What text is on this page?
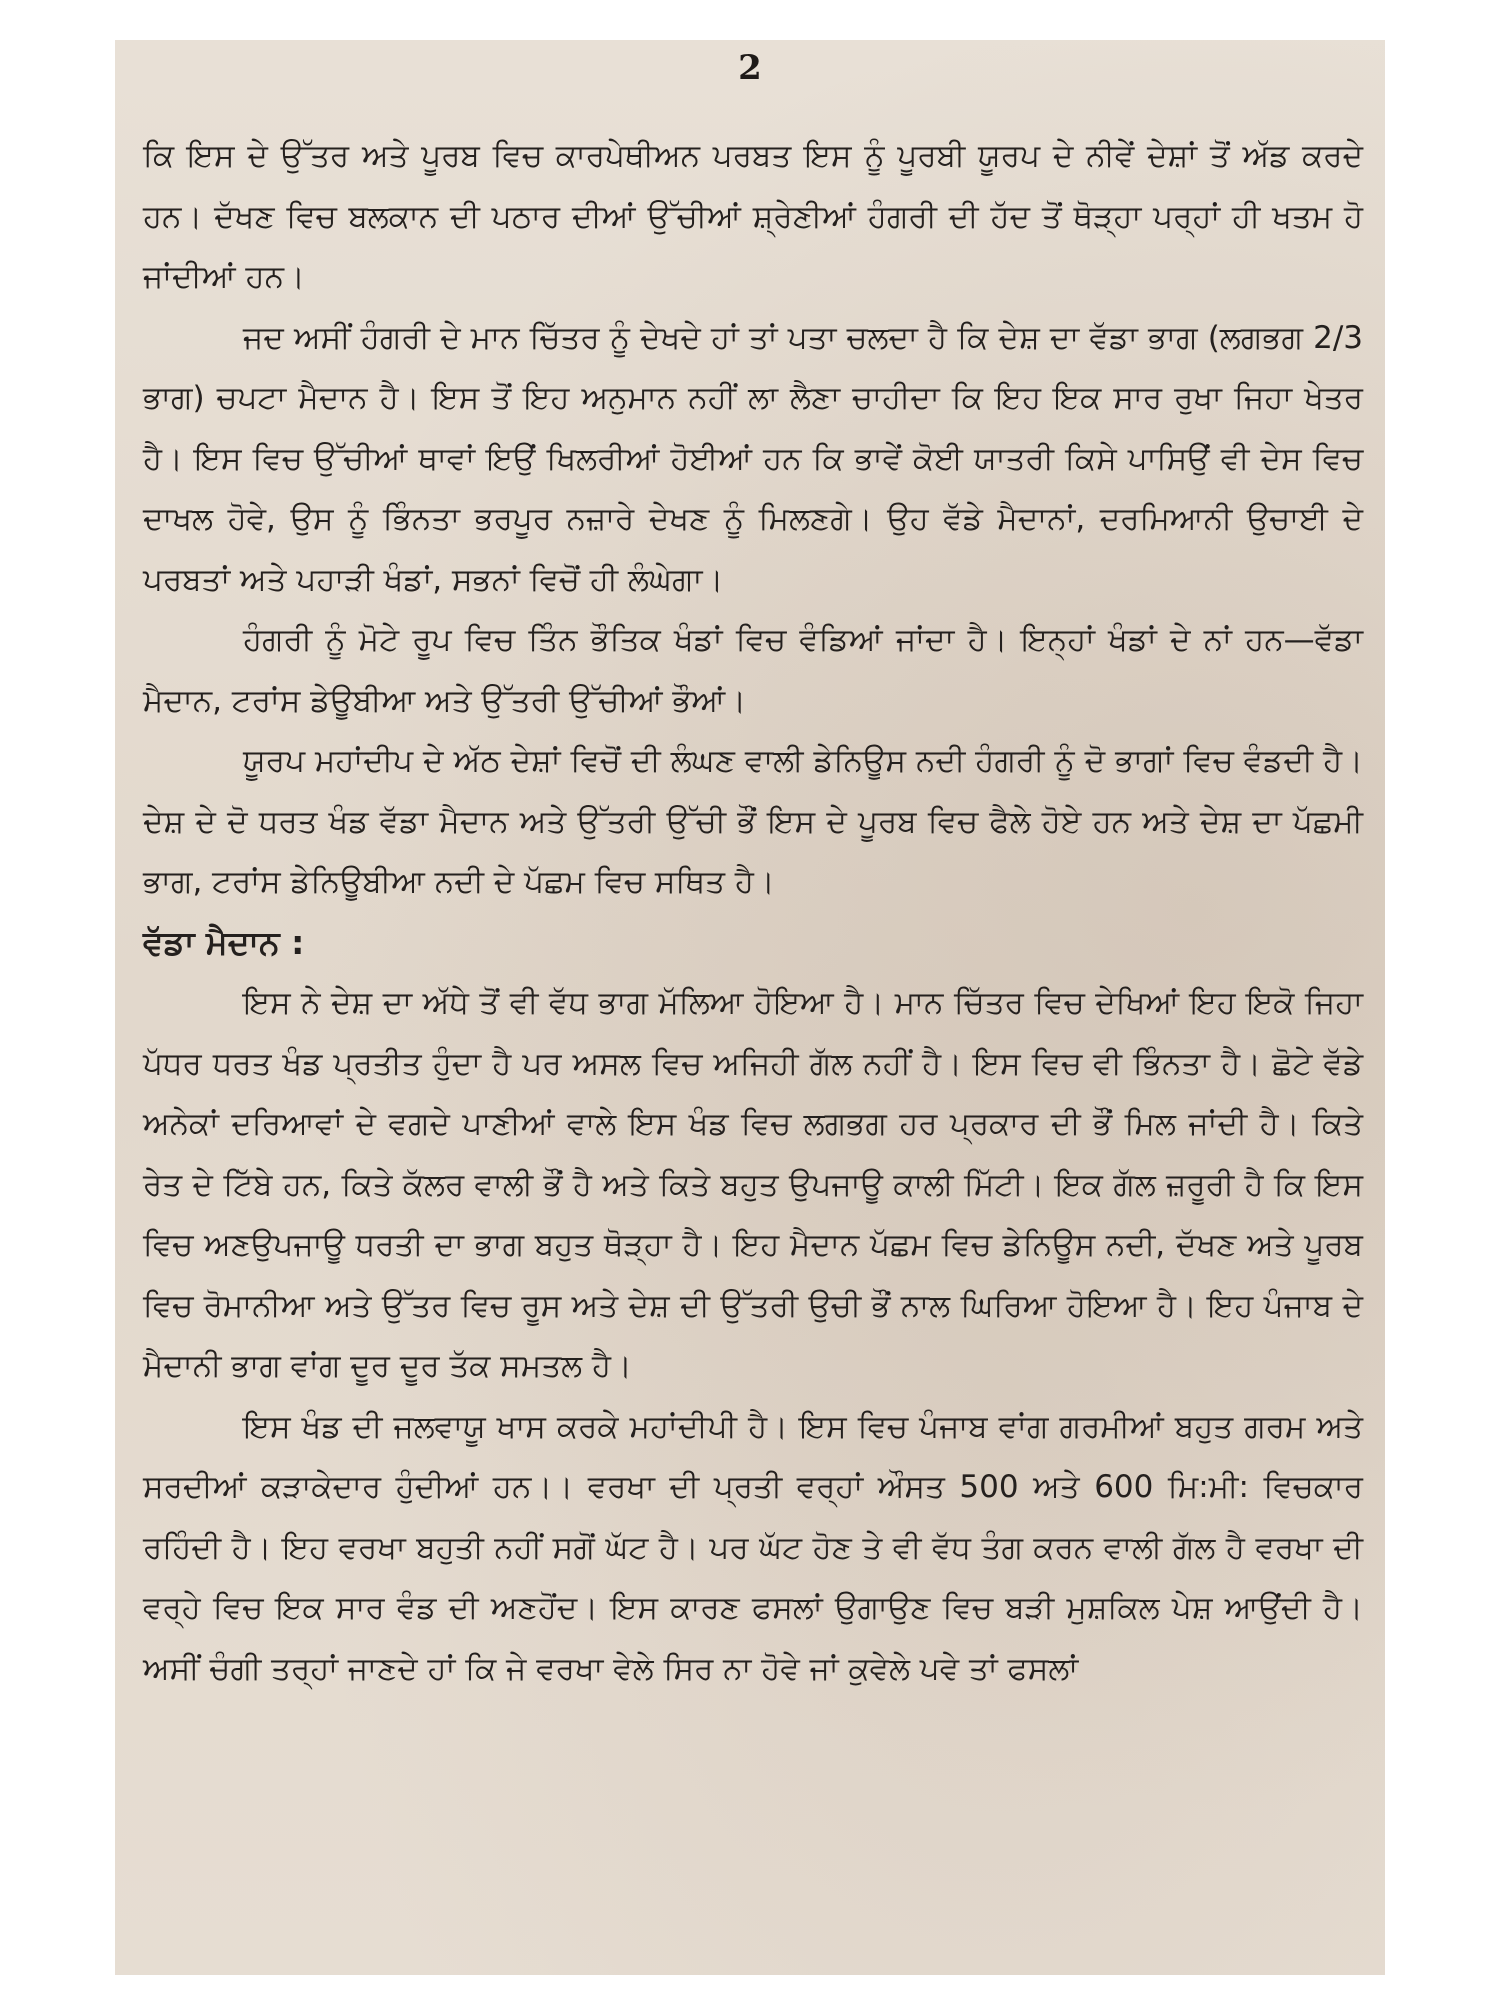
2

ਕਿ ਇਸ ਦੇ ਉੱਤਰ ਅਤੇ ਪੂਰਬ ਵਿਚ ਕਾਰਪੇਥੀਅਨ ਪਰਬਤ ਇਸ ਨੂੰ ਪੂਰਬੀ ਯੂਰਪ ਦੇ ਨੀਵੇਂ ਦੇਸ਼ਾਂ ਤੋਂ ਅੱਡ ਕਰਦੇ ਹਨ। ਦੱਖਣ ਵਿਚ ਬਲਕਾਨ ਦੀ ਪਠਾਰ ਦੀਆਂ ਉੱਚੀਆਂ ਸ਼੍ਰੇਣੀਆਂ ਹੰਗਰੀ ਦੀ ਹੱਦ ਤੋਂ ਥੋੜ੍ਹਾ ਪਰ੍ਹਾਂ ਹੀ ਖਤਮ ਹੋ ਜਾਂਦੀਆਂ ਹਨ।

ਜਦ ਅਸੀਂ ਹੰਗਰੀ ਦੇ ਮਾਨ ਚਿੱਤਰ ਨੂੰ ਦੇਖਦੇ ਹਾਂ ਤਾਂ ਪਤਾ ਚਲਦਾ ਹੈ ਕਿ ਦੇਸ਼ ਦਾ ਵੱਡਾ ਭਾਗ (ਲਗਭਗ 2/3 ਭਾਗ) ਚਪਟਾ ਮੈਦਾਨ ਹੈ। ਇਸ ਤੋਂ ਇਹ ਅਨੁਮਾਨ ਨਹੀਂ ਲਾ ਲੈਣਾ ਚਾਹੀਦਾ ਕਿ ਇਹ ਇਕ ਸਾਰ ਰੁਖਾ ਜਿਹਾ ਖੇਤਰ ਹੈ। ਇਸ ਵਿਚ ਉੱਚੀਆਂ ਥਾਵਾਂ ਇਉਂ ਖਿਲਰੀਆਂ ਹੋਈਆਂ ਹਨ ਕਿ ਭਾਵੇਂ ਕੋਈ ਯਾਤਰੀ ਕਿਸੇ ਪਾਸਿਉਂ ਵੀ ਦੇਸ ਵਿਚ ਦਾਖਲ ਹੋਵੇ, ਉਸ ਨੂੰ ਭਿੰਨਤਾ ਭਰਪੂਰ ਨਜ਼ਾਰੇ ਦੇਖਣ ਨੂੰ ਮਿਲਣਗੇ। ਉਹ ਵੱਡੇ ਮੈਦਾਨਾਂ, ਦਰਮਿਆਨੀ ਉਚਾਈ ਦੇ ਪਰਬਤਾਂ ਅਤੇ ਪਹਾੜੀ ਖੰਡਾਂ, ਸਭਨਾਂ ਵਿਚੋਂ ਹੀ ਲੰਘੇਗਾ।

ਹੰਗਰੀ ਨੂੰ ਮੋਟੇ ਰੂਪ ਵਿਚ ਤਿੰਨ ਭੌਤਿਕ ਖੰਡਾਂ ਵਿਚ ਵੰਡਿਆਂ ਜਾਂਦਾ ਹੈ। ਇਨ੍ਹਾਂ ਖੰਡਾਂ ਦੇ ਨਾਂ ਹਨ—ਵੱਡਾ ਮੈਦਾਨ, ਟਰਾਂਸ ਡੇਊਬੀਆ ਅਤੇ ਉੱਤਰੀ ਉੱਚੀਆਂ ਭੌਆਂ।

ਯੂਰਪ ਮਹਾਂਦੀਪ ਦੇ ਅੱਠ ਦੇਸ਼ਾਂ ਵਿਚੋਂ ਦੀ ਲੰਘਣ ਵਾਲੀ ਡੇਨਿਊਸ ਨਦੀ ਹੰਗਰੀ ਨੂੰ ਦੋ ਭਾਗਾਂ ਵਿਚ ਵੰਡਦੀ ਹੈ। ਦੇਸ਼ ਦੇ ਦੋ ਧਰਤ ਖੰਡ ਵੱਡਾ ਮੈਦਾਨ ਅਤੇ ਉੱਤਰੀ ਉੱਚੀ ਭੌਂ ਇਸ ਦੇ ਪੂਰਬ ਵਿਚ ਫੈਲੇ ਹੋਏ ਹਨ ਅਤੇ ਦੇਸ਼ ਦਾ ਪੱਛਮੀ ਭਾਗ, ਟਰਾਂਸ ਡੇਨਿਊਬੀਆ ਨਦੀ ਦੇ ਪੱਛਮ ਵਿਚ ਸਥਿਤ ਹੈ।

ਵੱਡਾ ਮੈਦਾਨ :

ਇਸ ਨੇ ਦੇਸ਼ ਦਾ ਅੱਧੇ ਤੋਂ ਵੀ ਵੱਧ ਭਾਗ ਮੱਲਿਆ ਹੋਇਆ ਹੈ। ਮਾਨ ਚਿੱਤਰ ਵਿਚ ਦੇਖਿਆਂ ਇਹ ਇਕੋ ਜਿਹਾ ਪੱਧਰ ਧਰਤ ਖੰਡ ਪ੍ਰਤੀਤ ਹੁੰਦਾ ਹੈ ਪਰ ਅਸਲ ਵਿਚ ਅਜਿਹੀ ਗੱਲ ਨਹੀਂ ਹੈ। ਇਸ ਵਿਚ ਵੀ ਭਿੰਨਤਾ ਹੈ। ਛੋਟੇ ਵੱਡੇ ਅਨੇਕਾਂ ਦਰਿਆਵਾਂ ਦੇ ਵਗਦੇ ਪਾਣੀਆਂ ਵਾਲੇ ਇਸ ਖੰਡ ਵਿਚ ਲਗਭਗ ਹਰ ਪ੍ਰਕਾਰ ਦੀ ਭੌਂ ਮਿਲ ਜਾਂਦੀ ਹੈ। ਕਿਤੇ ਰੇਤ ਦੇ ਟਿੱਬੇ ਹਨ, ਕਿਤੇ ਕੱਲਰ ਵਾਲੀ ਭੌਂ ਹੈ ਅਤੇ ਕਿਤੇ ਬਹੁਤ ਉਪਜਾਊ ਕਾਲੀ ਮਿੱਟੀ। ਇਕ ਗੱਲ ਜ਼ਰੂਰੀ ਹੈ ਕਿ ਇਸ ਵਿਚ ਅਣਉਪਜਾਊ ਧਰਤੀ ਦਾ ਭਾਗ ਬਹੁਤ ਥੋੜ੍ਹਾ ਹੈ। ਇਹ ਮੈਦਾਨ ਪੱਛਮ ਵਿਚ ਡੇਨਿਊਸ ਨਦੀ, ਦੱਖਣ ਅਤੇ ਪੂਰਬ ਵਿਚ ਰੋਮਾਨੀਆ ਅਤੇ ਉੱਤਰ ਵਿਚ ਰੂਸ ਅਤੇ ਦੇਸ਼ ਦੀ ਉੱਤਰੀ ਉਚੀ ਭੌਂ ਨਾਲ ਘਿਰਿਆ ਹੋਇਆ ਹੈ। ਇਹ ਪੰਜਾਬ ਦੇ ਮੈਦਾਨੀ ਭਾਗ ਵਾਂਗ ਦੂਰ ਦੂਰ ਤੱਕ ਸਮਤਲ ਹੈ।

ਇਸ ਖੰਡ ਦੀ ਜਲਵਾਯੂ ਖਾਸ ਕਰਕੇ ਮਹਾਂਦੀਪੀ ਹੈ। ਇਸ ਵਿਚ ਪੰਜਾਬ ਵਾਂਗ ਗਰਮੀਆਂ ਬਹੁਤ ਗਰਮ ਅਤੇ ਸਰਦੀਆਂ ਕੜਾਕੇਦਾਰ ਹੁੰਦੀਆਂ ਹਨ।। ਵਰਖਾ ਦੀ ਪ੍ਰਤੀ ਵਰ੍ਹਾਂ ਔਸਤ 500 ਅਤੇ 600 ਮਿ:ਮੀ: ਵਿਚਕਾਰ ਰਹਿੰਦੀ ਹੈ। ਇਹ ਵਰਖਾ ਬਹੁਤੀ ਨਹੀਂ ਸਗੋਂ ਘੱਟ ਹੈ। ਪਰ ਘੱਟ ਹੋਣ ਤੇ ਵੀ ਵੱਧ ਤੰਗ ਕਰਨ ਵਾਲੀ ਗੱਲ ਹੈ ਵਰਖਾ ਦੀ ਵਰ੍ਹੇ ਵਿਚ ਇਕ ਸਾਰ ਵੰਡ ਦੀ ਅਣਹੋਂਦ। ਇਸ ਕਾਰਣ ਫਸਲਾਂ ਉਗਾਉਣ ਵਿਚ ਬੜੀ ਮੁਸ਼ਕਿਲ ਪੇਸ਼ ਆਉਂਦੀ ਹੈ। ਅਸੀਂ ਚੰਗੀ ਤਰ੍ਹਾਂ ਜਾਣਦੇ ਹਾਂ ਕਿ ਜੇ ਵਰਖਾ ਵੇਲੇ ਸਿਰ ਨਾ ਹੋਵੇ ਜਾਂ ਕੁਵੇਲੇ ਪਵੇ ਤਾਂ ਫਸਲਾਂ
